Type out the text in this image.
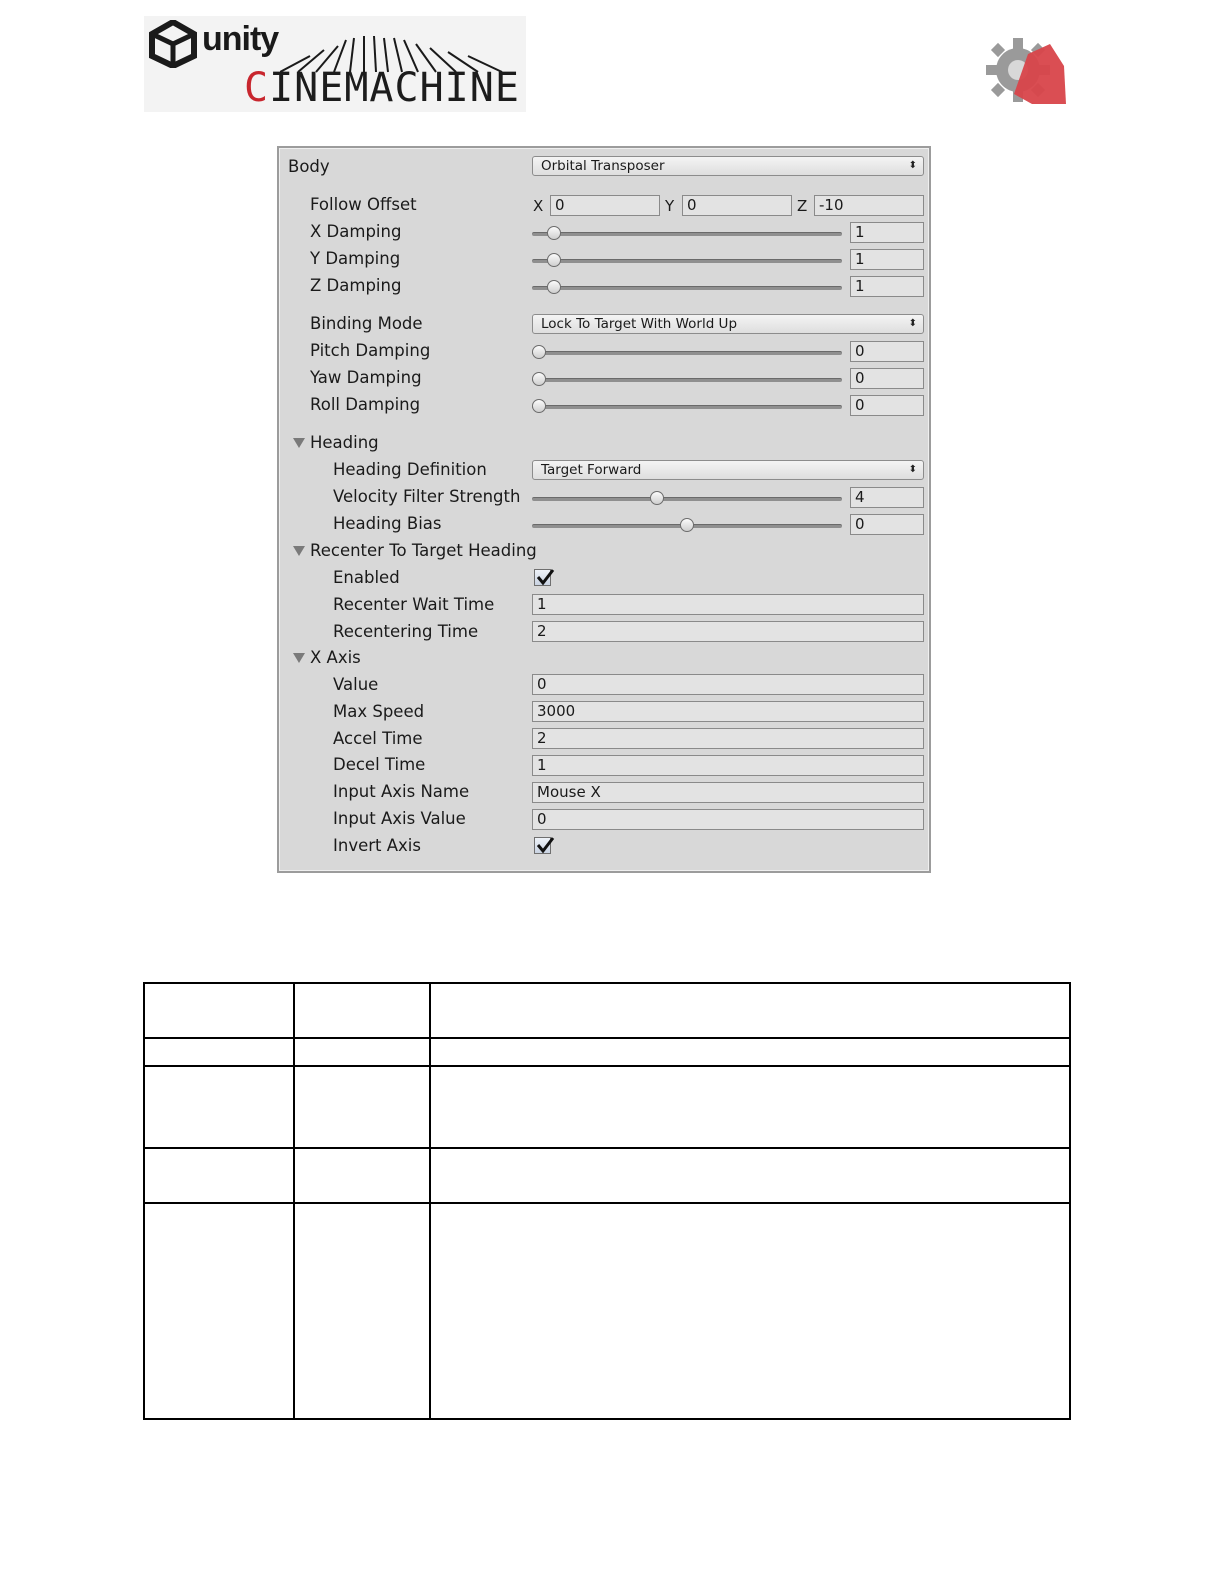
unity
CINEMACHINE
Body	Orbital Transposer	⬍
Follow Offset	X 0	Y 0	Z -10
X Damping	1
Y Damping	1
Z Damping	1
Binding Mode	Lock To Target With World Up	⬍
Pitch Damping	0
Yaw Damping	0
Roll Damping	0
Heading
Heading Definition	Target Forward	⬍
Velocity Filter Strength	4
Heading Bias	0
Recenter To Target Heading
Enabled
Recenter Wait Time	1
Recentering Time	2
X Axis
Value	0
Max Speed	3000
Accel Time	2
Decel Time	1
Input Axis Name	Mouse X
Input Axis Value	0
Invert Axis
